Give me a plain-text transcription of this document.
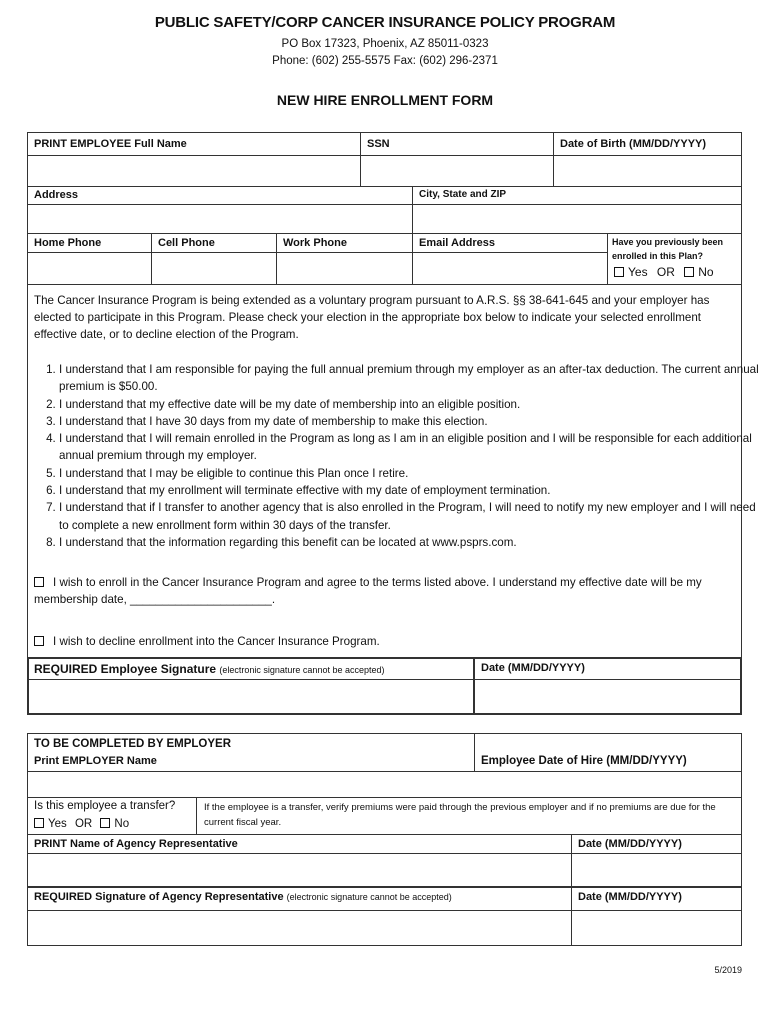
PUBLIC SAFETY/CORP CANCER INSURANCE POLICY PROGRAM
PO Box 17323, Phoenix, AZ 85011-0323
Phone: (602) 255-5575 Fax: (602) 296-2371
NEW HIRE ENROLLMENT FORM
PRINT EMPLOYEE Full Name	SSN	Date of Birth (MM/DD/YYYY)
Address	City, State and ZIP
Home Phone	Cell Phone	Work Phone	Email Address	Have you previously been
enrolled in this Plan?
Yes OR No
The Cancer Insurance Program is being extended as a voluntary program pursuant to A.R.S. §§ 38-641-645 and your employer has elected to participate in this Program. Please check your election in the appropriate box below to indicate your selected enrollment effective date, or to decline election of the Program.
1. I understand that I am responsible for paying the full annual premium through my employer as an after-tax deduction. The current annual premium is $50.00.
2. I understand that my effective date will be my date of membership into an eligible position.
3. I understand that I have 30 days from my date of membership to make this election.
4. I understand that I will remain enrolled in the Program as long as I am in an eligible position and I will be responsible for each additional annual premium through my employer.
5. I understand that I may be eligible to continue this Plan once I retire.
6. I understand that my enrollment will terminate effective with my date of employment termination.
7. I understand that if I transfer to another agency that is also enrolled in the Program, I will need to notify my new employer and I will need to complete a new enrollment form within 30 days of the transfer.
8. I understand that the information regarding this benefit can be located at www.psprs.com.
I wish to enroll in the Cancer Insurance Program and agree to the terms listed above. I understand my effective date will be my membership date, ______________________.
I wish to decline enrollment into the Cancer Insurance Program.
REQUIRED Employee Signature (electronic signature cannot be accepted)	Date (MM/DD/YYYY)
TO BE COMPLETED BY EMPLOYER
Print EMPLOYER Name	Employee Date of Hire (MM/DD/YYYY)
Is this employee a transfer?
Yes OR No
If the employee is a transfer, verify premiums were paid through the previous employer and if no premiums are due for the current fiscal year.
PRINT Name of Agency Representative	Date (MM/DD/YYYY)
REQUIRED Signature of Agency Representative (electronic signature cannot be accepted)	Date (MM/DD/YYYY)
5/2019
